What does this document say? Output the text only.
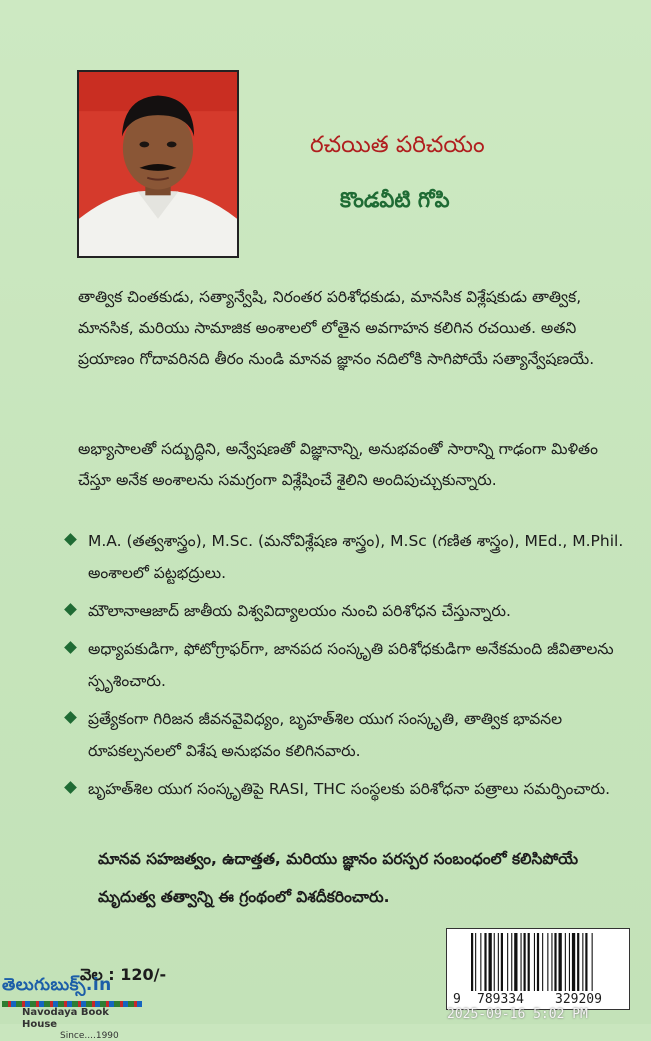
రచయిత పరిచయం
కొండవీటి గోపి

తాత్విక చింతకుడు, సత్యాన్వేషి, నిరంతర పరిశోధకుడు, మానసిక విశ్లేషకుడు తాత్విక, మానసిక, మరియు సామాజిక అంశాలలో లోతైన అవగాహన కలిగిన రచయిత. అతని ప్రయాణం గోదావరినది తీరం నుండి మానవ జ్ఞానం నదిలోకి సాగిపోయే సత్యాన్వేషణయే.

అభ్యాసాలతో సద్బుద్ధిని, అన్వేషణతో విజ్ఞానాన్ని, అనుభవంతో సారాన్ని గాఢంగా మిళితం చేస్తూ అనేక అంశాలను సమగ్రంగా విశ్లేషించే శైలిని అందిపుచ్చుకున్నారు.

M.A. (తత్వశాస్త్రం), M.Sc. (మనోవిశ్లేషణ శాస్త్రం), M.Sc (గణిత శాస్త్రం), MEd., M.Phil. అంశాలలో పట్టభద్రులు.
మౌలానాఆజాద్ జాతీయ విశ్వవిద్యాలయం నుంచి పరిశోధన చేస్తున్నారు.
అధ్యాపకుడిగా, ఫోటోగ్రాఫర్‌గా, జానపద సంస్కృతి పరిశోధకుడిగా అనేకమంది జీవితాలను స్పృశించారు.
ప్రత్యేకంగా గిరిజన జీవనవైవిధ్యం, బృహత్‌శిల యుగ సంస్కృతి, తాత్విక భావనల రూపకల్పనలలో విశేష అనుభవం కలిగినవారు.
బృహత్‌శిల యుగ సంస్కృతిపై RASI, THC సంస్థలకు పరిశోధనా పత్రాలు సమర్పించారు.

మానవ సహజత్వం, ఉదాత్తత, మరియు జ్ఞానం పరస్పర సంబంధంలో కలిసిపోయే మృదుత్వ తత్వాన్ని ఈ గ్రంథంలో విశదీకరించారు.

వెల : 120/-
తెలుగుబుక్స్.in
Navodaya Book House
Since....1990
9 789334 329209
2025-09-16 5:02 PM
